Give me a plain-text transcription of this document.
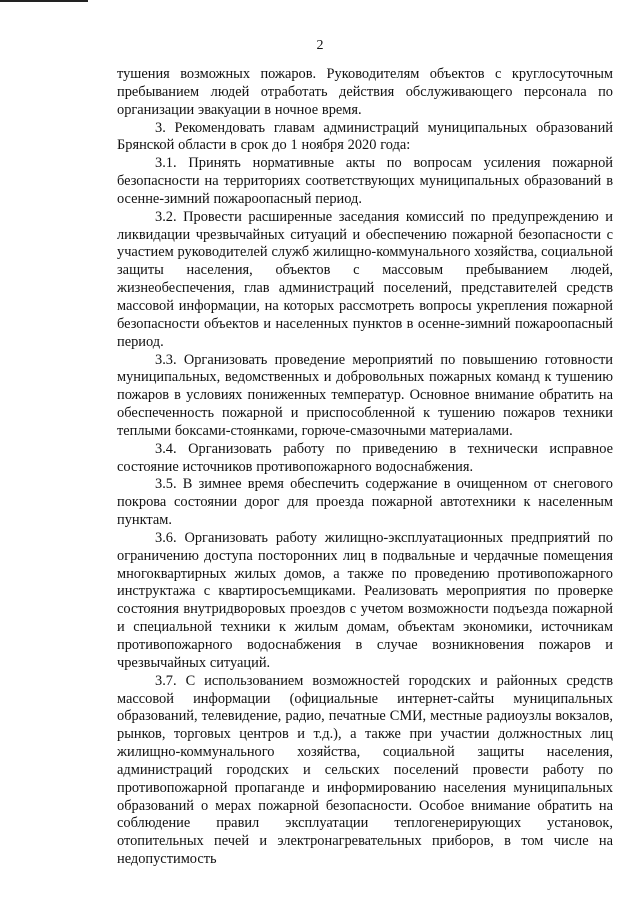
2

тушения возможных пожаров. Руководителям объектов с круглосуточным пребыванием людей отработать действия обслуживающего персонала по организации эвакуации в ночное время.

3. Рекомендовать главам администраций муниципальных образований Брянской области в срок до 1 ноября 2020 года:

3.1. Принять нормативные акты по вопросам усиления пожарной безопасности на территориях соответствующих муниципальных образований в осенне-зимний пожароопасный период.

3.2. Провести расширенные заседания комиссий по предупреждению и ликвидации чрезвычайных ситуаций и обеспечению пожарной безопасности с участием руководителей служб жилищно-коммунального хозяйства, социальной защиты населения, объектов с массовым пребыванием людей, жизнеобеспечения, глав администраций поселений, представителей средств массовой информации, на которых рассмотреть вопросы укрепления пожарной безопасности объектов и населенных пунктов в осенне-зимний пожароопасный период.

3.3. Организовать проведение мероприятий по повышению готовности муниципальных, ведомственных и добровольных пожарных команд к тушению пожаров в условиях пониженных температур. Основное внимание обратить на обеспеченность пожарной и приспособленной к тушению пожаров техники теплыми боксами-стоянками, горюче-смазочными материалами.

3.4. Организовать работу по приведению в технически исправное состояние источников противопожарного водоснабжения.

3.5. В зимнее время обеспечить содержание в очищенном от снегового покрова состоянии дорог для проезда пожарной автотехники к населенным пунктам.

3.6. Организовать работу жилищно-эксплуатационных предприятий по ограничению доступа посторонних лиц в подвальные и чердачные помещения многоквартирных жилых домов, а также по проведению противопожарного инструктажа с квартиросъемщиками. Реализовать мероприятия по проверке состояния внутридворовых проездов с учетом возможности подъезда пожарной и специальной техники к жилым домам, объектам экономики, источникам противопожарного водоснабжения в случае возникновения пожаров и чрезвычайных ситуаций.

3.7. С использованием возможностей городских и районных средств массовой информации (официальные интернет-сайты муниципальных образований, телевидение, радио, печатные СМИ, местные радиоузлы вокзалов, рынков, торговых центров и т.д.), а также при участии должностных лиц жилищно-коммунального хозяйства, социальной защиты населения, администраций городских и сельских поселений провести работу по противопожарной пропаганде и информированию населения муниципальных образований о мерах пожарной безопасности. Особое внимание обратить на соблюдение правил эксплуатации теплогенерирующих установок, отопительных печей и электронагревательных приборов, в том числе на недопустимость
